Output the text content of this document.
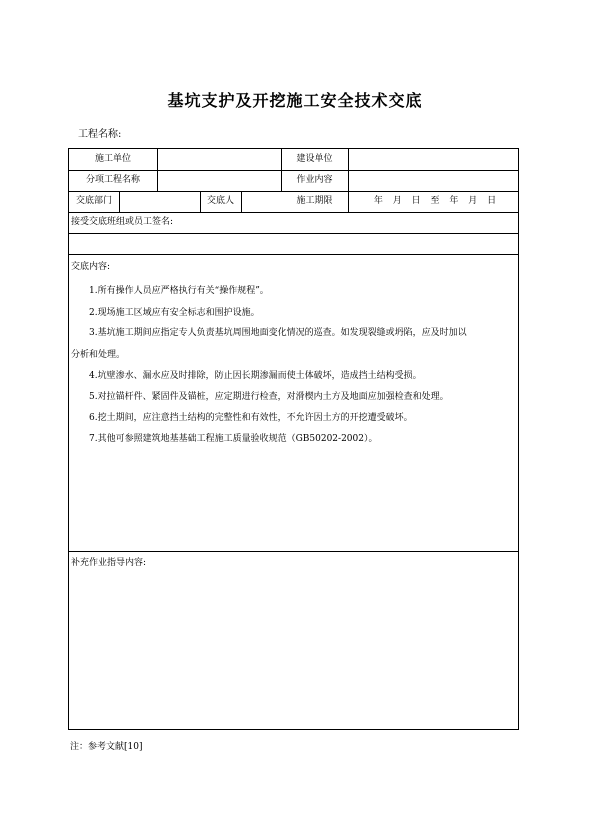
基坑支护及开挖施工安全技术交底
工程名称:
施工单位	建设单位
分项工程名称	作业内容
交底部门	交底人	施工期限	年 月 日 至 年 月 日
接受交底班组或员工签名:
交底内容:
1.所有操作人员应严格执行有关“操作规程”。
2.现场施工区域应有安全标志和围护设施。
3.基坑施工期间应指定专人负责基坑周围地面变化情况的巡查。如发现裂缝或坍陷，应及时加以
分析和处理。
4.坑壁渗水、漏水应及时排除，防止因长期渗漏而使土体破坏，造成挡土结构受损。
5.对拉锚杆件、紧固件及锚桩，应定期进行检查，对滑楔内土方及地面应加强检查和处理。
6.挖土期间，应注意挡土结构的完整性和有效性，不允许因土方的开挖遭受破坏。
7.其他可参照建筑地基基础工程施工质量验收规范（GB50202-2002）。
补充作业指导内容:
注：参考文献[10]
